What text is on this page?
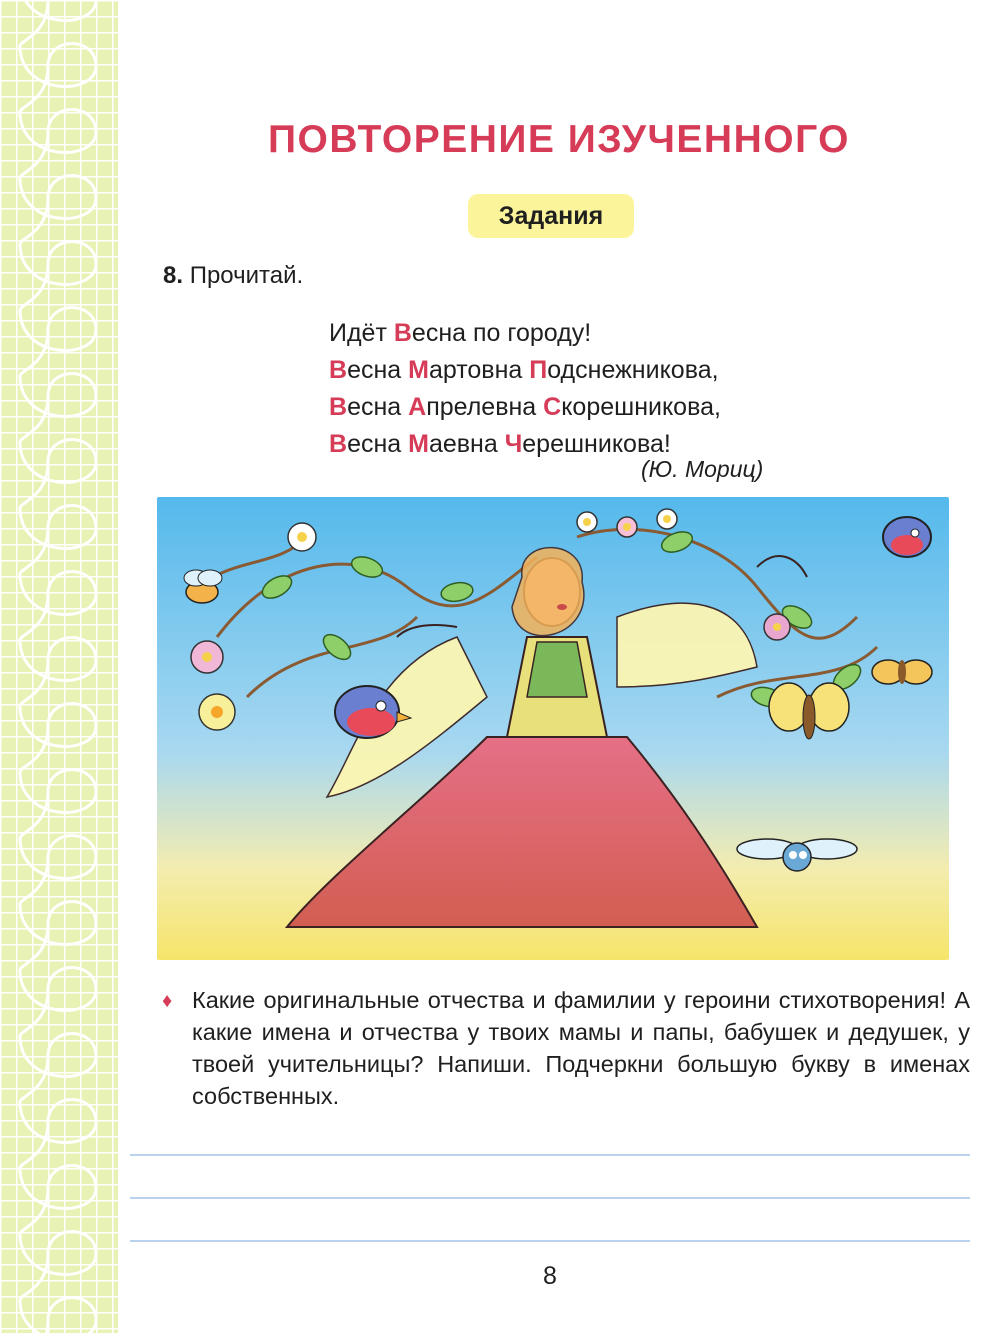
ПОВТОРЕНИЕ ИЗУЧЕННОГО
Задания
8. Прочитай.
Идёт Весна по городу!
Весна Мартовна Подснежникова,
Весна Апрелевна Скорешникова,
Весна Маевна Черешникова!
(Ю. Мориц)
♦ Какие оригинальные отчества и фамилии у героини стихотворения! А какие имена и отчества у твоих мамы и папы, бабушек и дедушек, у твоей учительницы? Напиши. Подчеркни большую букву в именах собственных.

8
